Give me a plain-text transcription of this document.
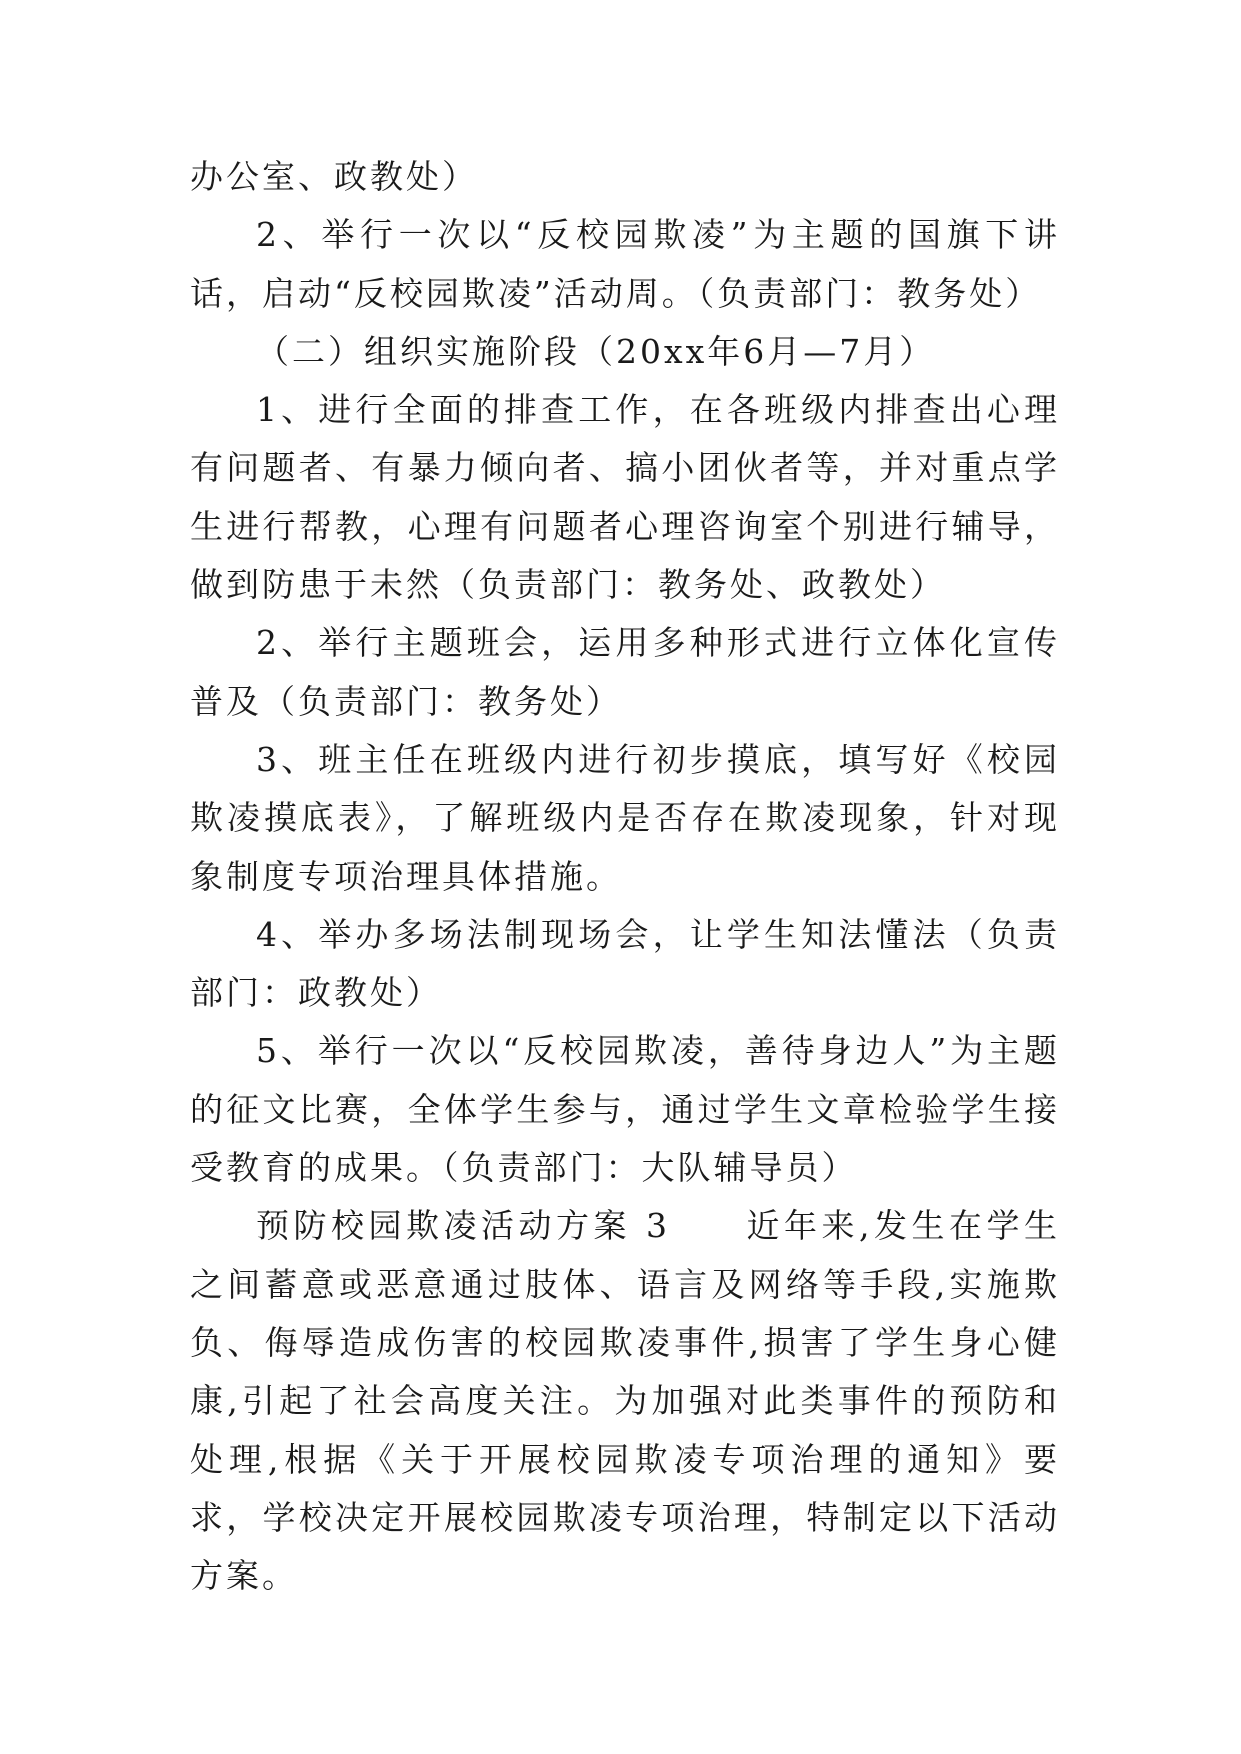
办公室、政教处）

2、举行一次以“反校园欺凌”为主题的国旗下讲话，启动“反校园欺凌”活动周。（负责部门：教务处）

（二）组织实施阶段（20xx年6月—7月）

1、进行全面的排查工作，在各班级内排查出心理有问题者、有暴力倾向者、搞小团伙者等，并对重点学生进行帮教，心理有问题者心理咨询室个别进行辅导，做到防患于未然（负责部门：教务处、政教处）

2、举行主题班会，运用多种形式进行立体化宣传普及（负责部门：教务处）

3、班主任在班级内进行初步摸底，填写好《校园欺凌摸底表》，了解班级内是否存在欺凌现象，针对现象制度专项治理具体措施。

4、举办多场法制现场会，让学生知法懂法（负责部门：政教处）

5、举行一次以“反校园欺凌，善待身边人”为主题的征文比赛，全体学生参与，通过学生文章检验学生接受教育的成果。（负责部门：大队辅导员）

预防校园欺凌活动方案 3　　近年来,发生在学生之间蓄意或恶意通过肢体、语言及网络等手段,实施欺负、侮辱造成伤害的校园欺凌事件,损害了学生身心健康,引起了社会高度关注。为加强对此类事件的预防和处理,根据《关于开展校园欺凌专项治理的通知》要求，学校决定开展校园欺凌专项治理，特制定以下活动方案。
